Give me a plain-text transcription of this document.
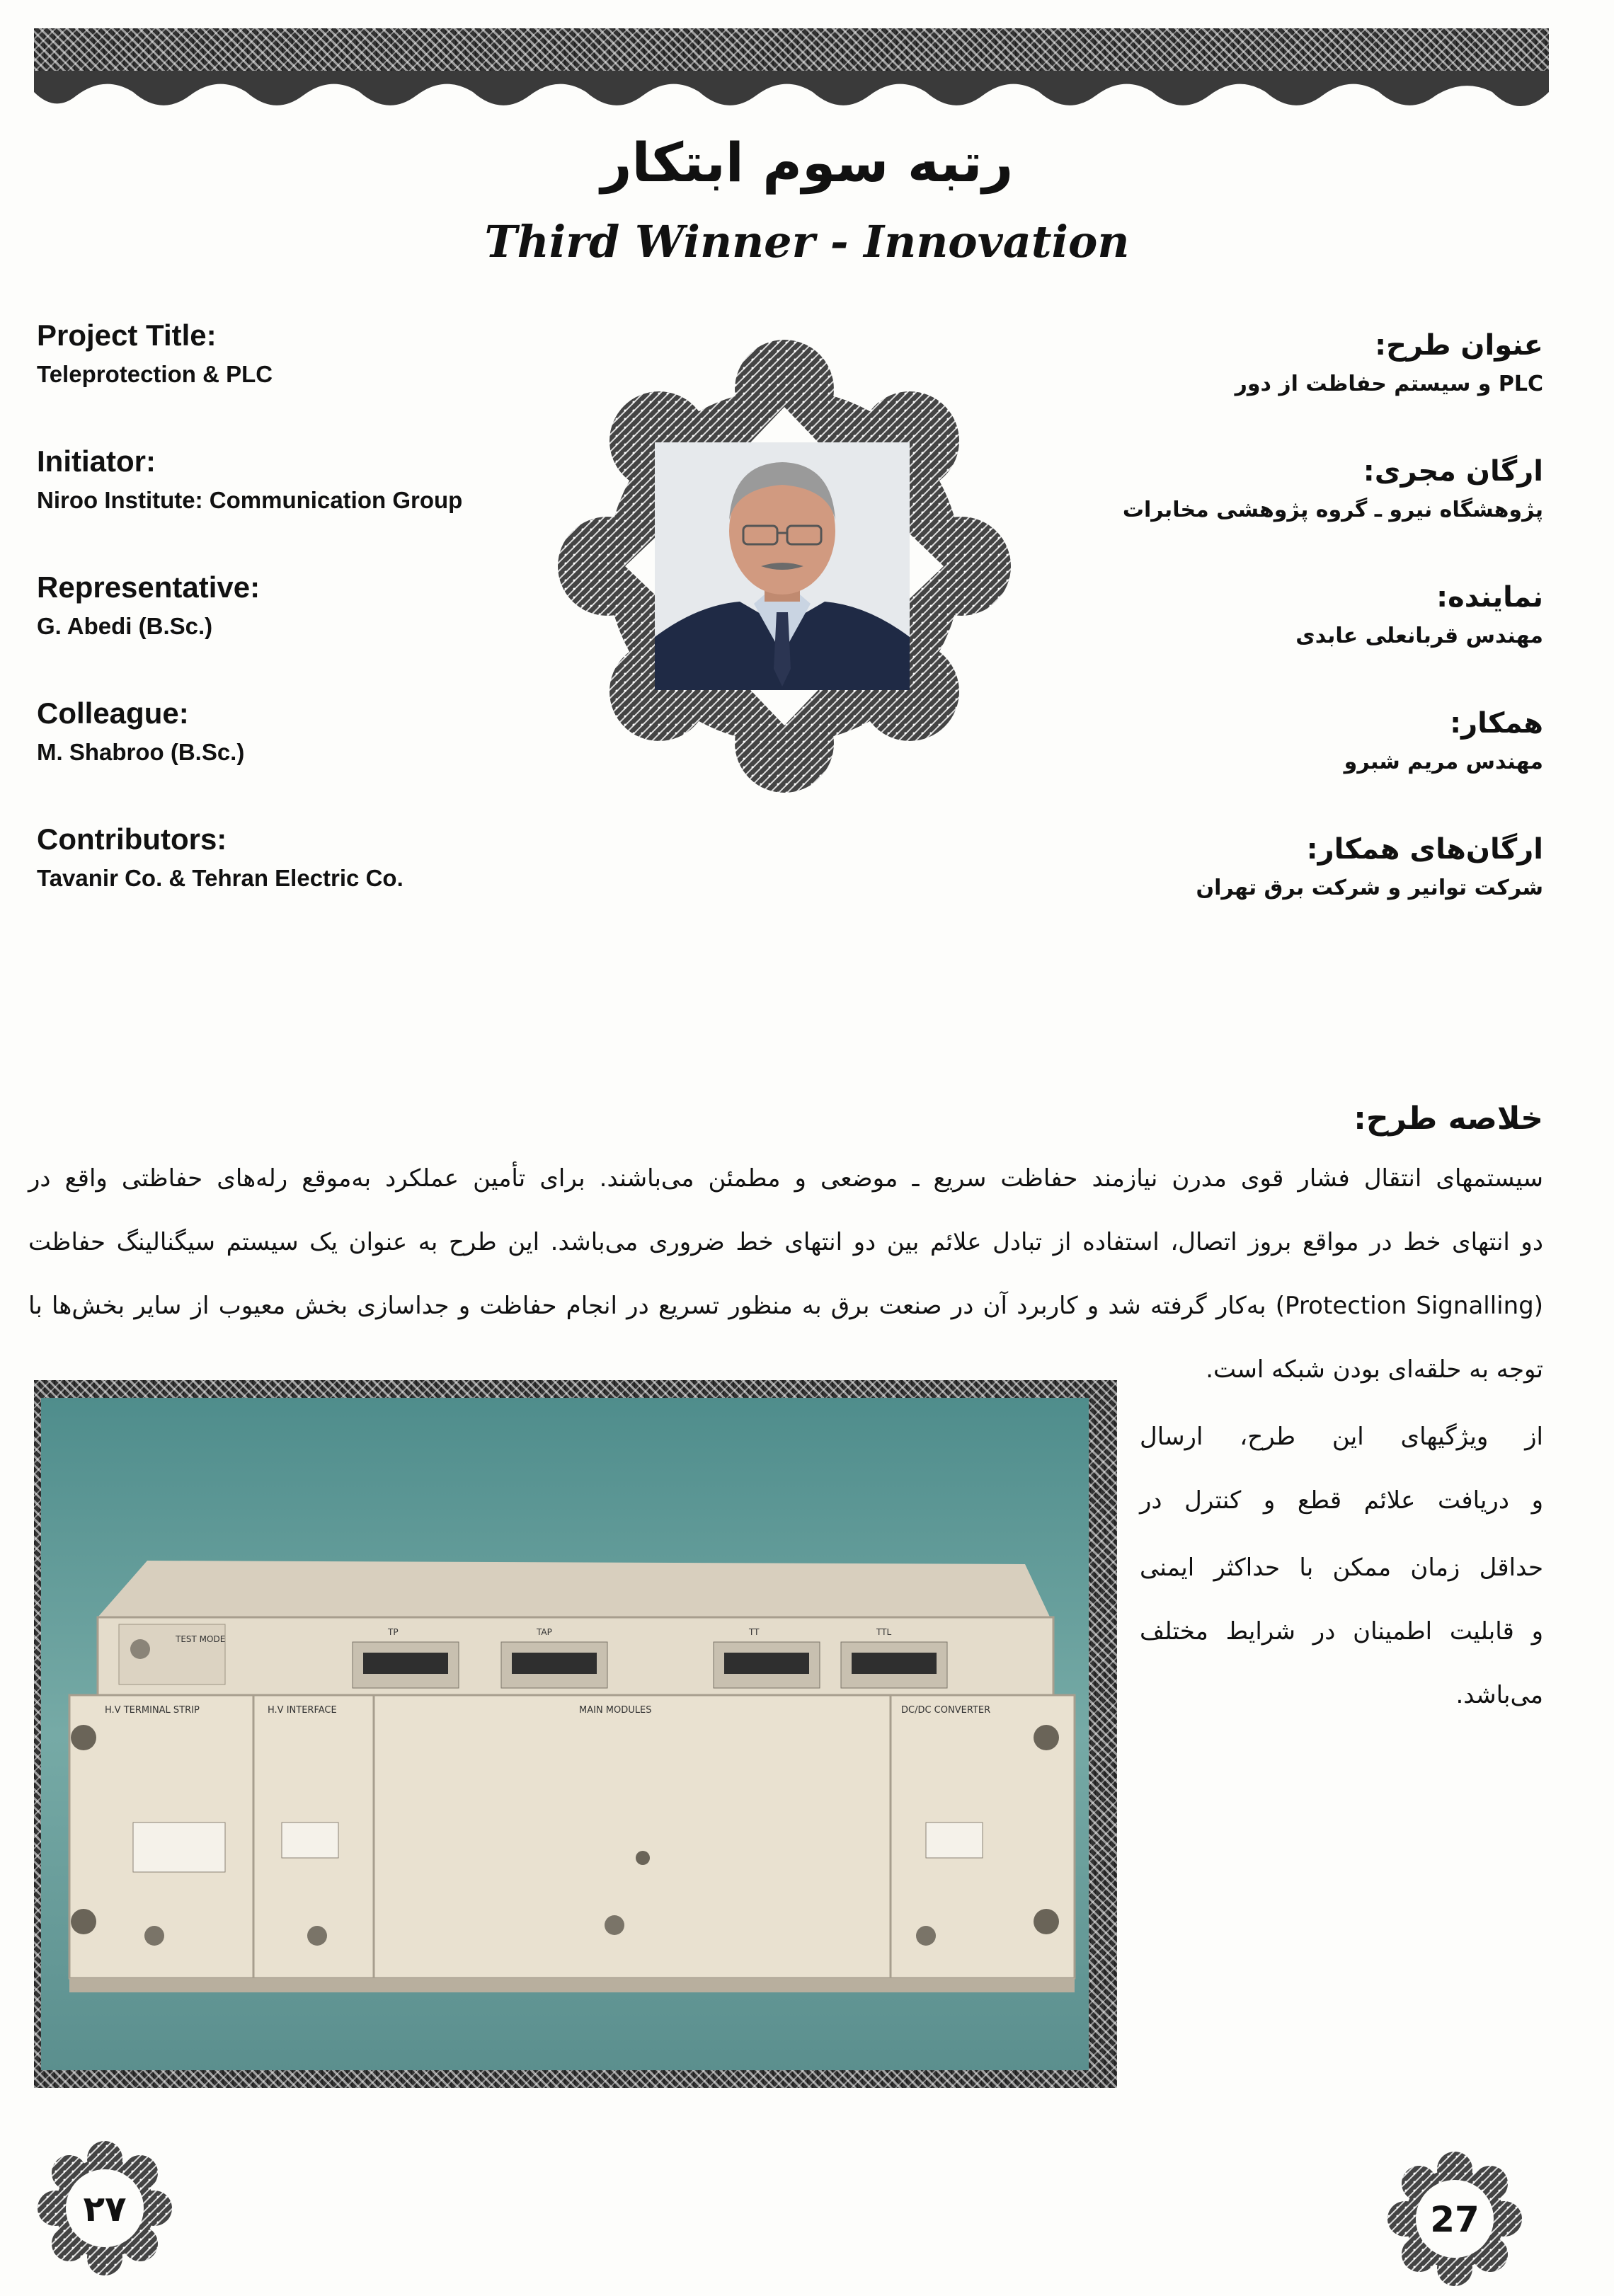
رتبه سوم ابتکار
Third Winner - Innovation
Project Title:
Teleprotection & PLC
Initiator:
Niroo Institute: Communication Group
Representative:
G. Abedi (B.Sc.)
Colleague:
M. Shabroo (B.Sc.)
Contributors:
Tavanir Co. & Tehran Electric Co.
عنوان طرح:
PLC و سیستم حفاظت از دور
ارگان مجری:
پژوهشگاه نیرو ـ گروه پژوهشی مخابرات
نماینده:
مهندس قربانعلی عابدی
همکار:
مهندس مریم شبرو
ارگان‌های همکار:
شرکت توانیر و شرکت برق تهران
خلاصه طرح:
سیستمهای انتقال فشار قوی مدرن نیازمند حفاظت سریع ـ موضعی و مطمئن می‌باشند. برای تأمین عملکرد به‌موقع رله‌های حفاظتی واقع در
دو انتهای خط در مواقع بروز اتصال، استفاده از تبادل علائم بین دو انتهای خط ضروری می‌باشد. این طرح به عنوان یک سیستم سیگنالینگ حفاظت
(Protection Signalling) به‌کار گرفته شد و کاربرد آن در صنعت برق به منظور تسریع در انجام حفاظت و جداسازی بخش معیوب از سایر بخش‌ها با
توجه به حلقه‌ای بودن شبکه است.
از ویژگیهای این طرح، ارسال
و دریافت علائم قطع و کنترل در
حداقل زمان ممکن با حداکثر ایمنی
و قابلیت اطمینان در شرایط مختلف
می‌باشد.
TEST MODE
TP	TAP	TT	TTL
H.V TERMINAL STRIP	H.V INTERFACE	MAIN MODULES	DC/DC CONVERTER
۲۷	27
